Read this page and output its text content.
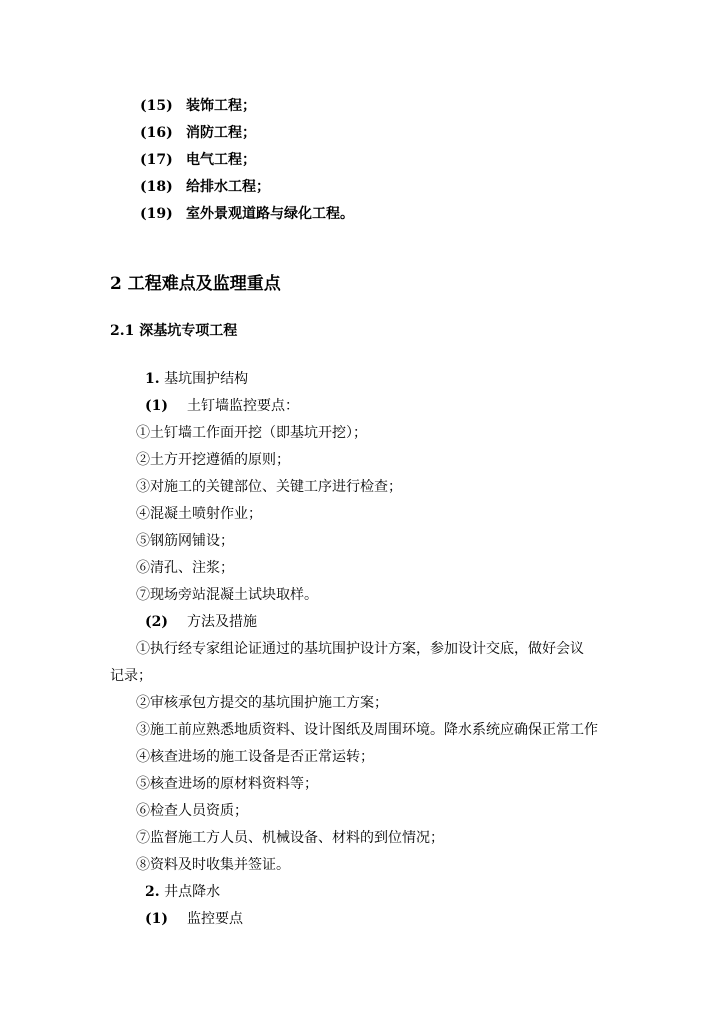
(15) 装饰工程；
(16) 消防工程；
(17) 电气工程；
(18) 给排水工程；
(19) 室外景观道路与绿化工程。
2 工程难点及监理重点
2.1 深基坑专项工程
1. 基坑围护结构
(1) 土钉墙监控要点：
①土钉墙工作面开挖（即基坑开挖）；
②土方开挖遵循的原则；
③对施工的关键部位、关键工序进行检查；
④混凝土喷射作业；
⑤钢筋网铺设；
⑥清孔、注浆；
⑦现场旁站混凝土试块取样。
(2) 方法及措施
①执行经专家组论证通过的基坑围护设计方案，参加设计交底，做好会议
记录；
②审核承包方提交的基坑围护施工方案；
③施工前应熟悉地质资料、设计图纸及周围环境。降水系统应确保正常工作
④核查进场的施工设备是否正常运转；
⑤核查进场的原材料资料等；
⑥检查人员资质；
⑦监督施工方人员、机械设备、材料的到位情况；
⑧资料及时收集并签证。
2. 井点降水
(1) 监控要点
